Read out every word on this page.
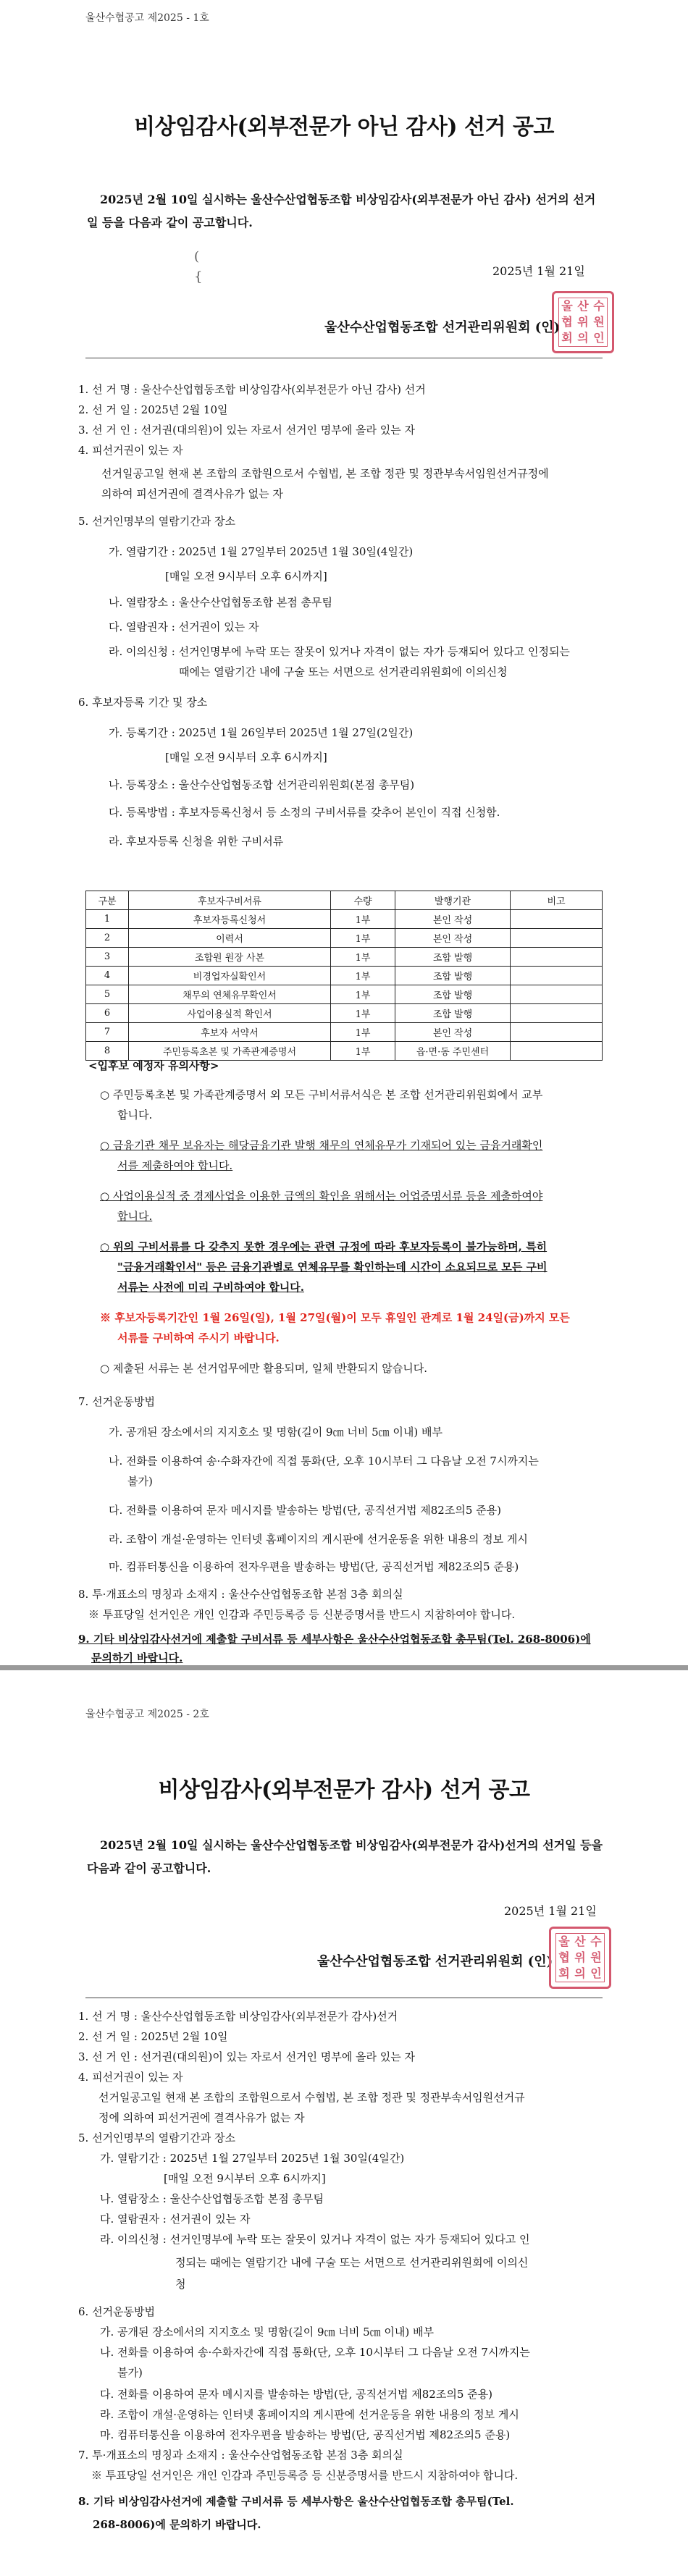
울산수협공고 제2025 - 1호
비상임감사(외부전문가 아닌 감사) 선거 공고
2025년 2월 10일 실시하는 울산수산업협동조합 비상임감사(외부전문가 아닌 감사) 선거의 선거일 등을 다음과 같이 공고합니다.
(
{	2025년 1월 21일
울산수산업협동조합 선거관리위원회 (인)
울 산 수
협 위 원
회 의 인
1. 선 거 명 : 울산수산업협동조합 비상임감사(외부전문가 아닌 감사) 선거
2. 선 거 일 : 2025년 2월 10일
3. 선 거 인 : 선거권(대의원)이 있는 자로서 선거인 명부에 올라 있는 자
4. 피선거권이 있는 자
선거일공고일 현재 본 조합의 조합원으로서 수협법, 본 조합 정관 및 정관부속서임원선거규정에
의하여 피선거권에 결격사유가 없는 자
5. 선거인명부의 열람기간과 장소
가. 열람기간 : 2025년 1월 27일부터 2025년 1월 30일(4일간)
[매일 오전 9시부터 오후 6시까지]
나. 열람장소 : 울산수산업협동조합 본점 총무팀
다. 열람권자 : 선거권이 있는 자
라. 이의신청 : 선거인명부에 누락 또는 잘못이 있거나 자격이 없는 자가 등재되어 있다고 인정되는
때에는 열람기간 내에 구술 또는 서면으로 선거관리위원회에 이의신청
6. 후보자등록 기간 및 장소
가. 등록기간 : 2025년 1월 26일부터 2025년 1월 27일(2일간)
[매일 오전 9시부터 오후 6시까지]
나. 등록장소 : 울산수산업협동조합 선거관리위원회(본점 총무팀)
다. 등록방법 : 후보자등록신청서 등 소정의 구비서류를 갖추어 본인이 직접 신청함.
라. 후보자등록 신청을 위한 구비서류
구분	후보자구비서류	수량	발행기관	비고
1	후보자등록신청서	1부	본인 작성	
2	이력서	1부	본인 작성	
3	조합원 원장 사본	1부	조합 발행	
4	비경업자실확인서	1부	조합 발행	
5	채무의 연체유무확인서	1부	조합 발행	
6	사업이용실적 확인서	1부	조합 발행	
7	후보자 서약서	1부	본인 작성	
8	주민등록초본 및 가족관계증명서	1부	읍·면·동 주민센터	
<입후보 예정자 유의사항>
○ 주민등록초본 및 가족관계증명서 외 모든 구비서류서식은 본 조합 선거관리위원회에서 교부
합니다.
○ 금융기관 채무 보유자는 해당금융기관 발행 채무의 연체유무가 기재되어 있는 금융거래확인
서를 제출하여야 합니다.
○ 사업이용실적 중 경제사업을 이용한 금액의 확인을 위해서는 어업증명서류 등을 제출하여야
합니다.
○ 위의 구비서류를 다 갖추지 못한 경우에는 관련 규정에 따라 후보자등록이 불가능하며, 특히
"금융거래확인서" 등은 금융기관별로 연체유무를 확인하는데 시간이 소요되므로 모든 구비
서류는 사전에 미리 구비하여야 합니다.
※ 후보자등록기간인 1월 26일(일), 1월 27일(월)이 모두 휴일인 관계로 1월 24일(금)까지 모든
서류를 구비하여 주시기 바랍니다.
○ 제출된 서류는 본 선거업무에만 활용되며, 일체 반환되지 않습니다.
7. 선거운동방법
가. 공개된 장소에서의 지지호소 및 명함(길이 9㎝ 너비 5㎝ 이내) 배부
나. 전화를 이용하여 송·수화자간에 직접 통화(단, 오후 10시부터 그 다음날 오전 7시까지는
불가)
다. 전화를 이용하여 문자 메시지를 발송하는 방법(단, 공직선거법 제82조의5 준용)
라. 조합이 개설·운영하는 인터넷 홈페이지의 게시판에 선거운동을 위한 내용의 정보 게시
마. 컴퓨터통신을 이용하여 전자우편을 발송하는 방법(단, 공직선거법 제82조의5 준용)
8. 투·개표소의 명칭과 소재지 : 울산수산업협동조합 본점 3층 회의실
※ 투표당일 선거인은 개인 인감과 주민등록증 등 신분증명서를 반드시 지참하여야 합니다.
9. 기타 비상임감사선거에 제출할 구비서류 등 세부사항은 울산수산업협동조합 총무팀(Tel. 268-8006)에
문의하기 바랍니다.
울산수협공고 제2025 - 2호
비상임감사(외부전문가 감사) 선거 공고
2025년 2월 10일 실시하는 울산수산업협동조합 비상임감사(외부전문가 감사)선거의 선거일 등을 다음과 같이 공고합니다.
2025년 1월 21일
울산수산업협동조합 선거관리위원회 (인)
울 산 수
협 위 원
회 의 인
1. 선 거 명 : 울산수산업협동조합 비상임감사(외부전문가 감사)선거
2. 선 거 일 : 2025년 2월 10일
3. 선 거 인 : 선거권(대의원)이 있는 자로서 선거인 명부에 올라 있는 자
4. 피선거권이 있는 자
선거일공고일 현재 본 조합의 조합원으로서 수협법, 본 조합 정관 및 정관부속서임원선거규
정에 의하여 피선거권에 결격사유가 없는 자
5. 선거인명부의 열람기간과 장소
가. 열람기간 : 2025년 1월 27일부터 2025년 1월 30일(4일간)
[매일 오전 9시부터 오후 6시까지]
나. 열람장소 : 울산수산업협동조합 본점 총무팀
다. 열람권자 : 선거권이 있는 자
라. 이의신청 : 선거인명부에 누락 또는 잘못이 있거나 자격이 없는 자가 등재되어 있다고 인
정되는 때에는 열람기간 내에 구술 또는 서면으로 선거관리위원회에 이의신
청
6. 선거운동방법
가. 공개된 장소에서의 지지호소 및 명함(길이 9㎝ 너비 5㎝ 이내) 배부
나. 전화를 이용하여 송·수화자간에 직접 통화(단, 오후 10시부터 그 다음날 오전 7시까지는
불가)
다. 전화를 이용하여 문자 메시지를 발송하는 방법(단, 공직선거법 제82조의5 준용)
라. 조합이 개설·운영하는 인터넷 홈페이지의 게시판에 선거운동을 위한 내용의 정보 게시
마. 컴퓨터통신을 이용하여 전자우편을 발송하는 방법(단, 공직선거법 제82조의5 준용)
7. 투·개표소의 명칭과 소재지 : 울산수산업협동조합 본점 3층 회의실
※ 투표당일 선거인은 개인 인감과 주민등록증 등 신분증명서를 반드시 지참하여야 합니다.
8. 기타 비상임감사선거에 제출할 구비서류 등 세부사항은 울산수산업협동조합 총무팀(Tel.
268-8006)에 문의하기 바랍니다.
